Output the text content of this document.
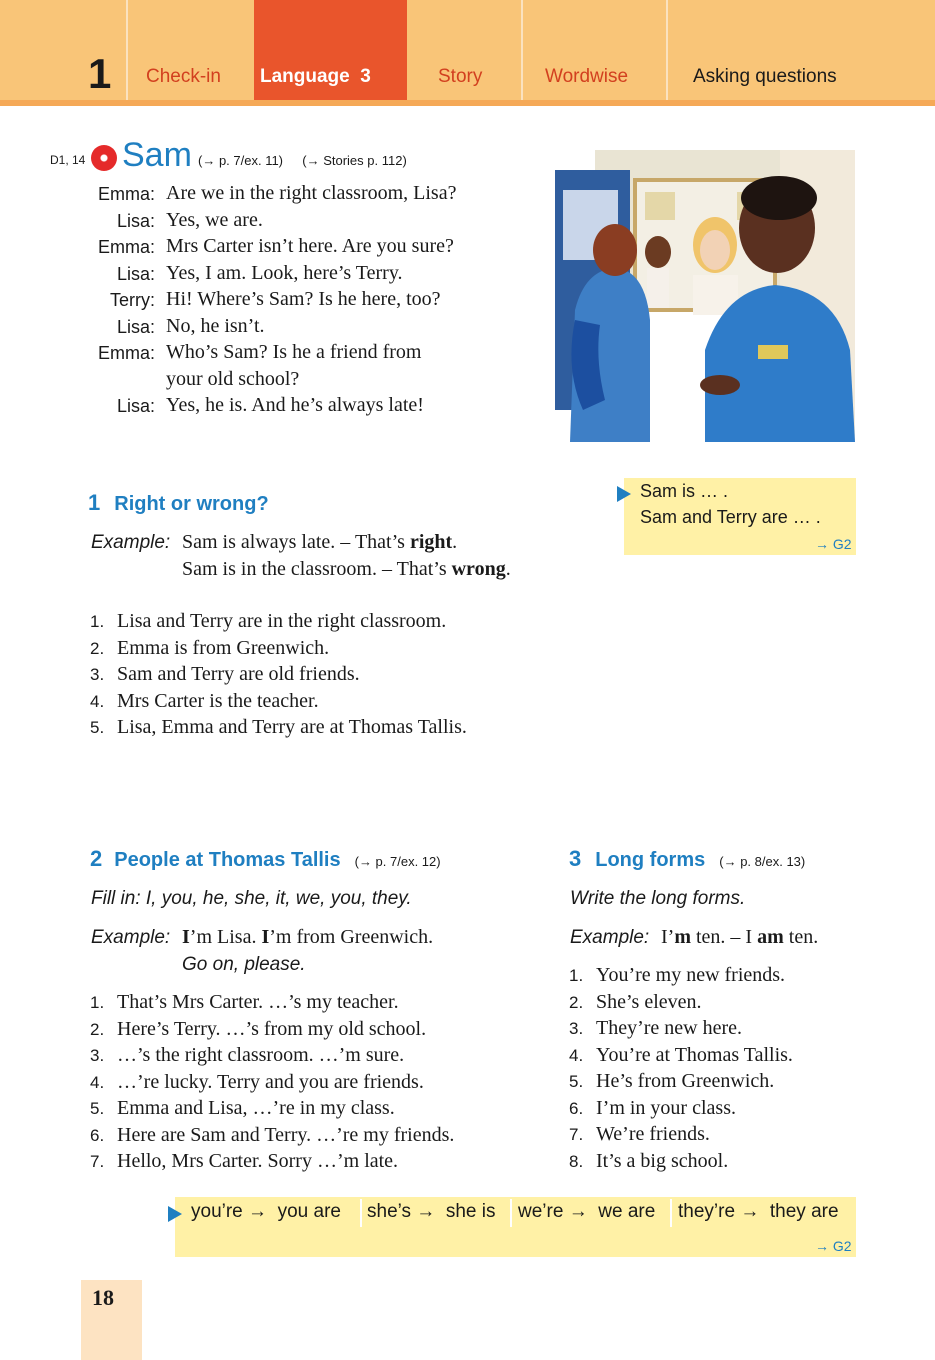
1	Check-in	Language  3	Story	Wordwise	Asking questions
D1, 14 Sam (→ p. 7/ex. 11) (→ Stories p. 112)
Emma: Are we in the right classroom, Lisa?
Lisa: Yes, we are.
Emma: Mrs Carter isn’t here. Are you sure?
Lisa: Yes, I am. Look, here’s Terry.
Terry: Hi! Where’s Sam? Is he here, too?
Lisa: No, he isn’t.
Emma: Who’s Sam? Is he a friend from
your old school?
Lisa: Yes, he is. And he’s always late!
Sam is … .
Sam and Terry are … .
→ G2
1 Right or wrong?
Example: Sam is always late. – That’s right.
Sam is in the classroom. – That’s wrong.
1. Lisa and Terry are in the right classroom.
2. Emma is from Greenwich.
3. Sam and Terry are old friends.
4. Mrs Carter is the teacher.
5. Lisa, Emma and Terry are at Thomas Tallis.
2 People at Thomas Tallis (→ p. 7/ex. 12)
Fill in: I, you, he, she, it, we, you, they.
Example: I’m Lisa. I’m from Greenwich.
Go on, please.
1. That’s Mrs Carter. …’s my teacher.
2. Here’s Terry. …’s from my old school.
3. …’s the right classroom. …’m sure.
4. …’re lucky. Terry and you are friends.
5. Emma and Lisa, …’re in my class.
6. Here are Sam and Terry. …’re my friends.
7. Hello, Mrs Carter. Sorry …’m late.
3 Long forms (→ p. 8/ex. 13)
Write the long forms.
Example: I’m ten. – I am ten.
1. You’re my new friends.
2. She’s eleven.
3. They’re new here.
4. You’re at Thomas Tallis.
5. He’s from Greenwich.
6. I’m in your class.
7. We’re friends.
8. It’s a big school.
you’re → you are she’s → she is we’re → we are they’re → they are
→ G2
18
